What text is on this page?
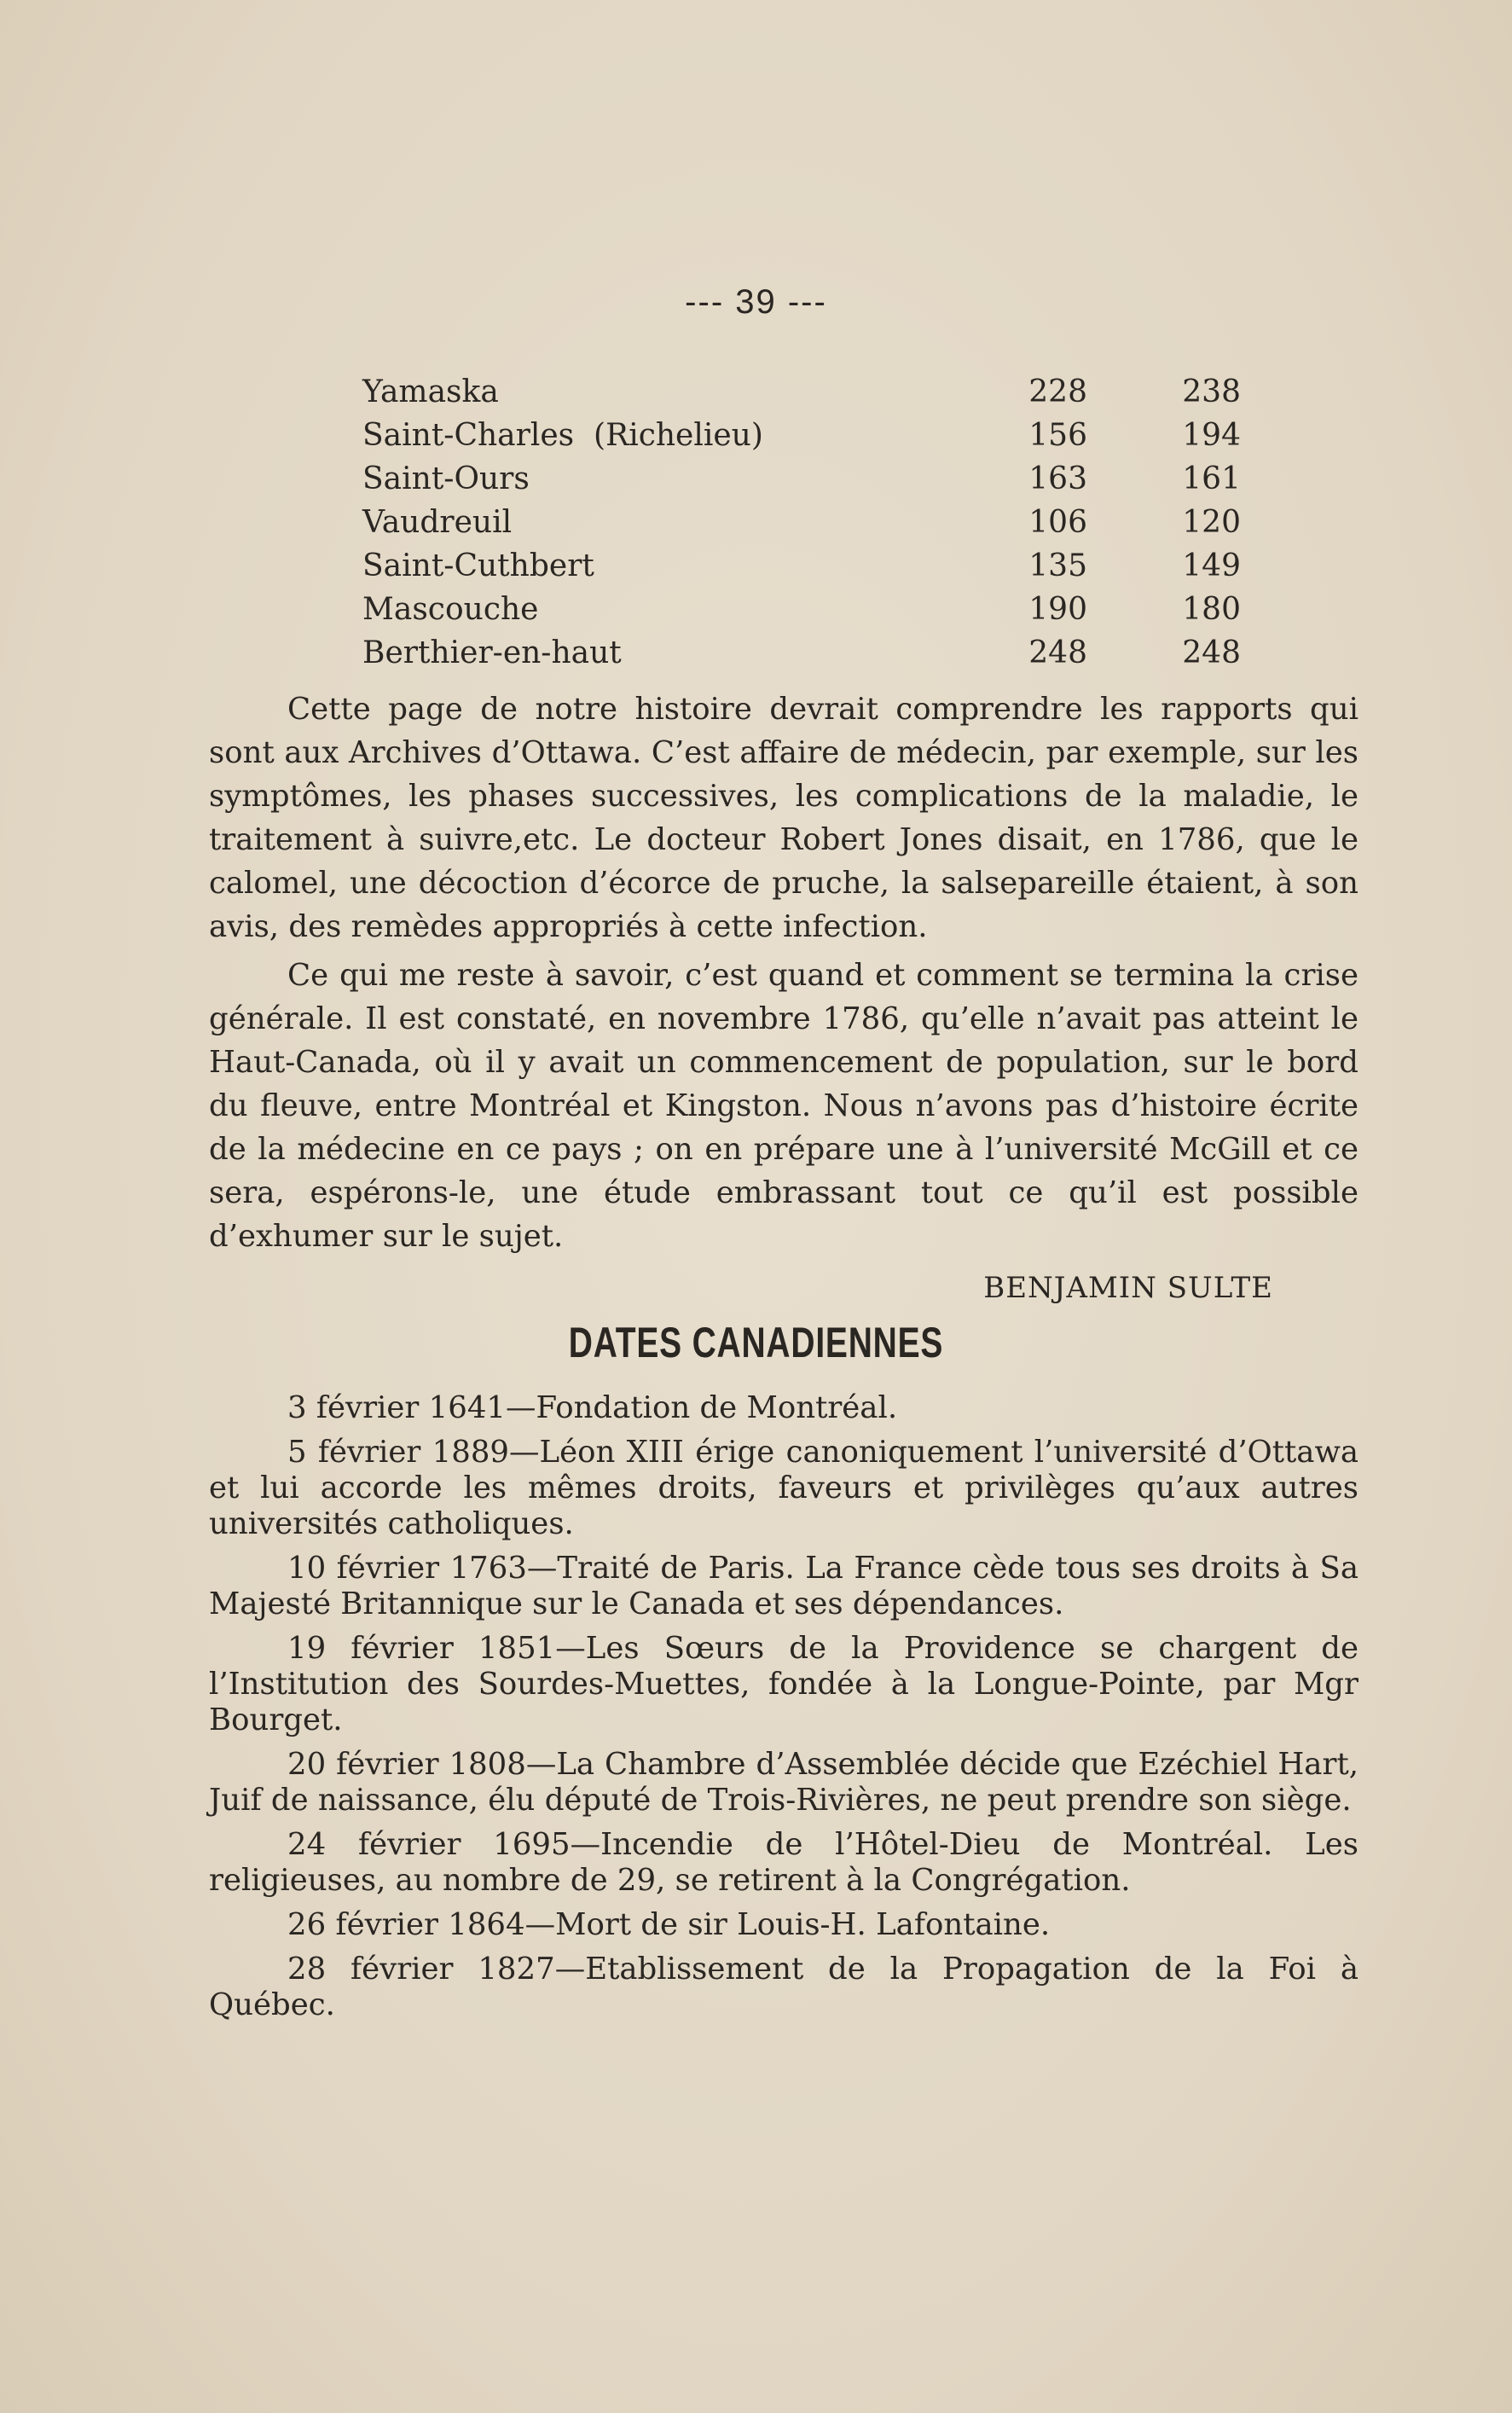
--- 39 ---
Yamaska	228	238
Saint-Charles  (Richelieu)	156	194
Saint-Ours	163	161
Vaudreuil	106	120
Saint-Cuthbert	135	149
Mascouche	190	180
Berthier-en-haut	248	248

Cette page de notre histoire devrait comprendre les rapports qui sont aux Archives d’Ottawa. C’est affaire de médecin, par exemple, sur les symptômes, les phases successives, les complications de la maladie, le traitement à suivre,etc. Le docteur Robert Jones disait, en 1786, que le calomel, une décoction d’écorce de pruche, la salsepareille étaient, à son avis, des remèdes appropriés à cette infection.

Ce qui me reste à savoir, c’est quand et comment se termina la crise générale. Il est constaté, en novembre 1786, qu’elle n’avait pas atteint le Haut-Canada, où il y avait un commencement de population, sur le bord du fleuve, entre Montréal et Kingston. Nous n’avons pas d’histoire écrite de la médecine en ce pays ; on en prépare une à l’université McGill et ce sera, espérons-le, une étude embrassant tout ce qu’il est possible d’exhumer sur le sujet.

BENJAMIN SULTE
DATES CANADIENNES

3 février 1641—Fondation de Montréal.

5 février 1889—Léon XIII érige canoniquement l’université d’Ottawa et lui accorde les mêmes droits, faveurs et privilèges qu’aux autres universités catholiques.

10 février 1763—Traité de Paris. La France cède tous ses droits à Sa Majesté Britannique sur le Canada et ses dépendances.

19 février 1851—Les Sœurs de la Providence se chargent de l’Institution des Sourdes-Muettes, fondée à la Longue-Pointe, par Mgr Bourget.

20 février 1808—La Chambre d’Assemblée décide que Ezéchiel Hart, Juif de naissance, élu député de Trois-Rivières, ne peut prendre son siège.

24 février 1695—Incendie de l’Hôtel-Dieu de Montréal. Les religieuses, au nombre de 29, se retirent à la Congrégation.

26 février 1864—Mort de sir Louis-H. Lafontaine.

28 février 1827—Etablissement de la Propagation de la Foi à Québec.
